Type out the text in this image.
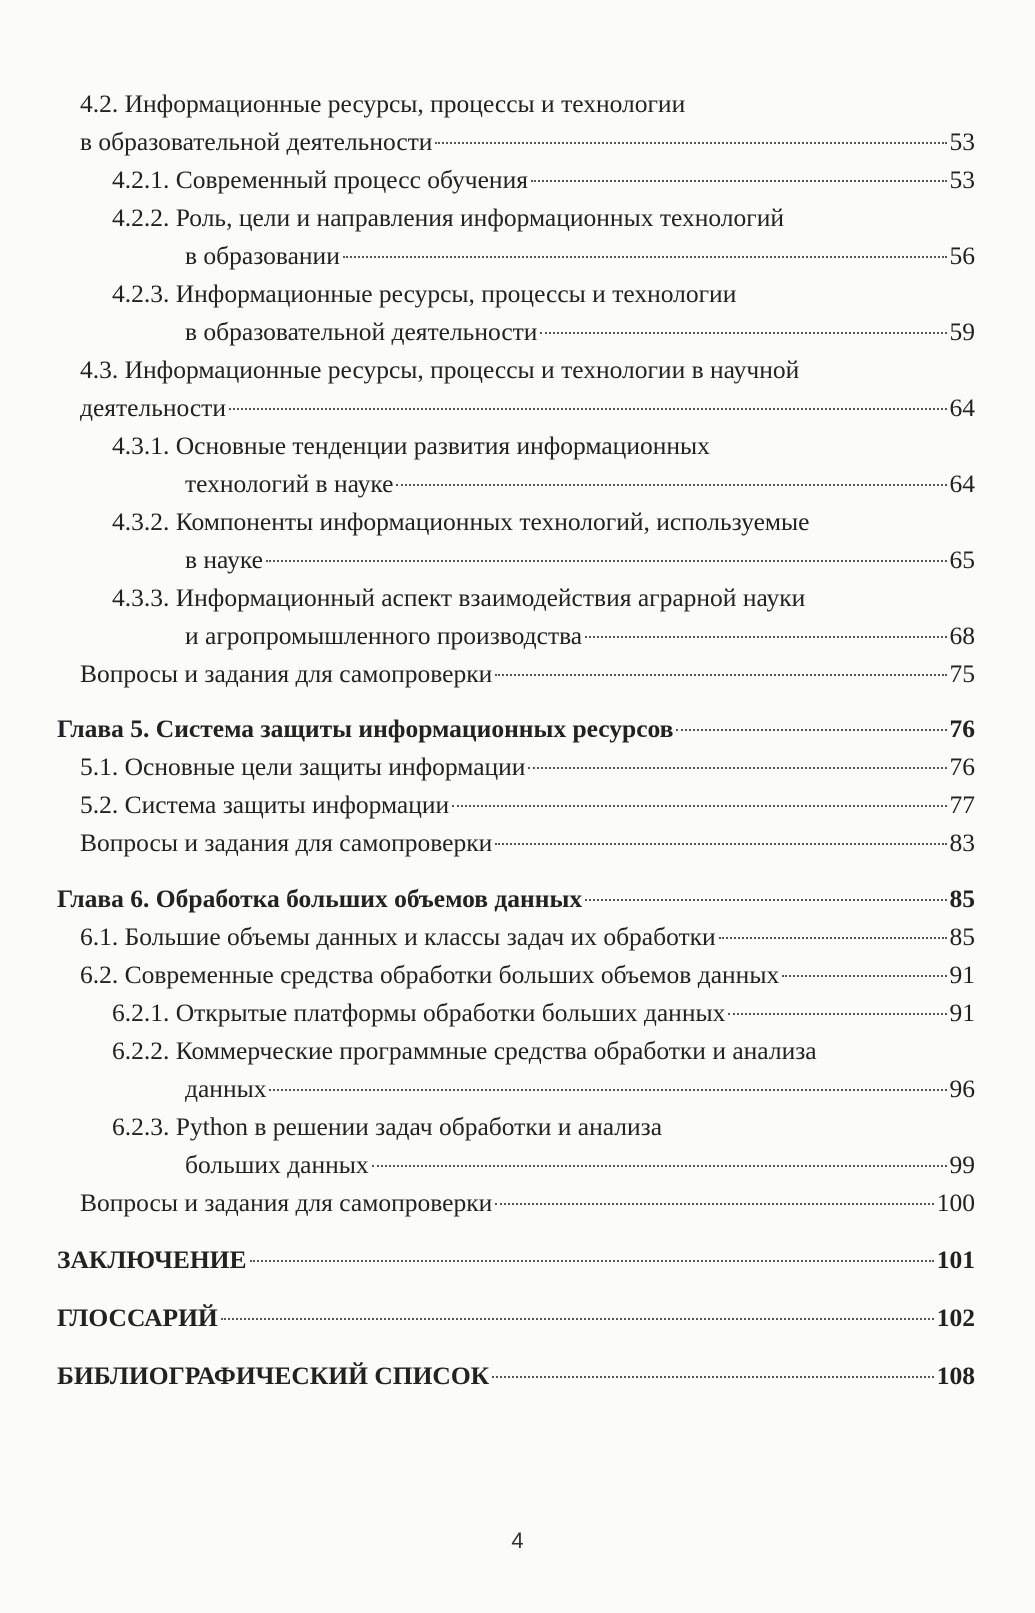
4.2. Информационные ресурсы, процессы и технологии
в образовательной деятельности	53
4.2.1. Современный процесс обучения	53
4.2.2. Роль, цели и направления информационных технологий
в образовании	56
4.2.3. Информационные ресурсы, процессы и технологии
в образовательной деятельности	59
4.3. Информационные ресурсы, процессы и технологии в научной
деятельности	64
4.3.1. Основные тенденции развития информационных
технологий в науке	64
4.3.2. Компоненты информационных технологий, используемые
в науке	65
4.3.3. Информационный аспект взаимодействия аграрной науки
и агропромышленного производства	68
Вопросы и задания для самопроверки	75
Глава 5. Система защиты информационных ресурсов	76
5.1. Основные цели защиты информации	76
5.2. Система защиты информации	77
Вопросы и задания для самопроверки	83
Глава 6. Обработка больших объемов данных	85
6.1. Большие объемы данных и классы задач их обработки	85
6.2. Современные средства обработки больших объемов данных	91
6.2.1. Открытые платформы обработки больших данных	91
6.2.2. Коммерческие программные средства обработки и анализа
данных	96
6.2.3. Python в решении задач обработки и анализа
больших данных	99
Вопросы и задания для самопроверки	100
ЗАКЛЮЧЕНИЕ	101
ГЛОССАРИЙ	102
БИБЛИОГРАФИЧЕСКИЙ СПИСОК	108
4
